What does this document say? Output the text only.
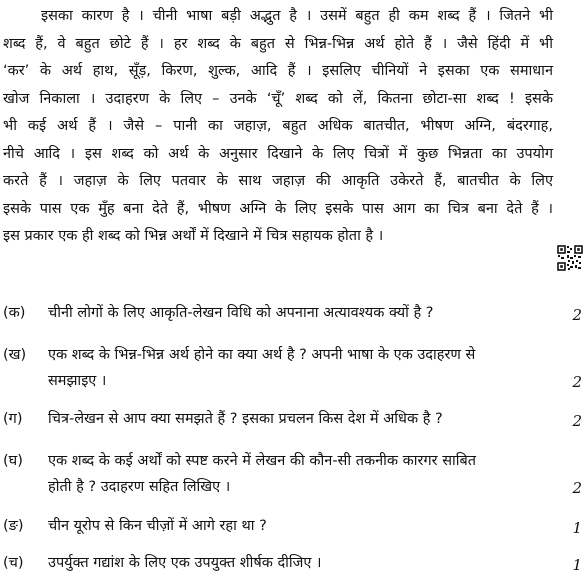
इसका कारण है । चीनी भाषा बड़ी अद्भुत है । उसमें बहुत ही कम शब्द हैं । जितने भी
शब्द हैं, वे बहुत छोटे हैं । हर शब्द के बहुत से भिन्न-भिन्न अर्थ होते हैं । जैसे हिंदी में भी
‘कर’ के अर्थ हाथ, सूँड़, किरण, शुल्क, आदि हैं । इसलिए चीनियों ने इसका एक समाधान
खोज निकाला । उदाहरण के लिए – उनके ‘चूँ’ शब्द को लें, कितना छोटा-सा शब्द ! इसके
भी कई अर्थ हैं । जैसे – पानी का जहाज़, बहुत अधिक बातचीत, भीषण अग्नि, बंदरगाह,
नीचे आदि । इस शब्द को अर्थ के अनुसार दिखाने के लिए चित्रों में कुछ भिन्नता का उपयोग
करते हैं । जहाज़ के लिए पतवार के साथ जहाज़ की आकृति उकेरते हैं, बातचीत के लिए
इसके पास एक मुँह बना देते हैं, भीषण अग्नि के लिए इसके पास आग का चित्र बना देते हैं ।
इस प्रकार एक ही शब्द को भिन्न अर्थों में दिखाने में चित्र सहायक होता है ।
(क) चीनी लोगों के लिए आकृति-लेखन विधि को अपनाना अत्यावश्यक क्यों है ?	2
(ख) एक शब्द के भिन्न-भिन्न अर्थ होने का क्या अर्थ है ? अपनी भाषा के एक उदाहरण से
समझाइए ।	2
(ग) चित्र-लेखन से आप क्या समझते हैं ? इसका प्रचलन किस देश में अधिक है ?	2
(घ) एक शब्द के कई अर्थों को स्पष्ट करने में लेखन की कौन-सी तकनीक कारगर साबित
होती है ? उदाहरण सहित लिखिए ।	2
(ङ) चीन यूरोप से किन चीज़ों में आगे रहा था ?	1
(च) उपर्युक्त गद्यांश के लिए एक उपयुक्त शीर्षक दीजिए ।	1
